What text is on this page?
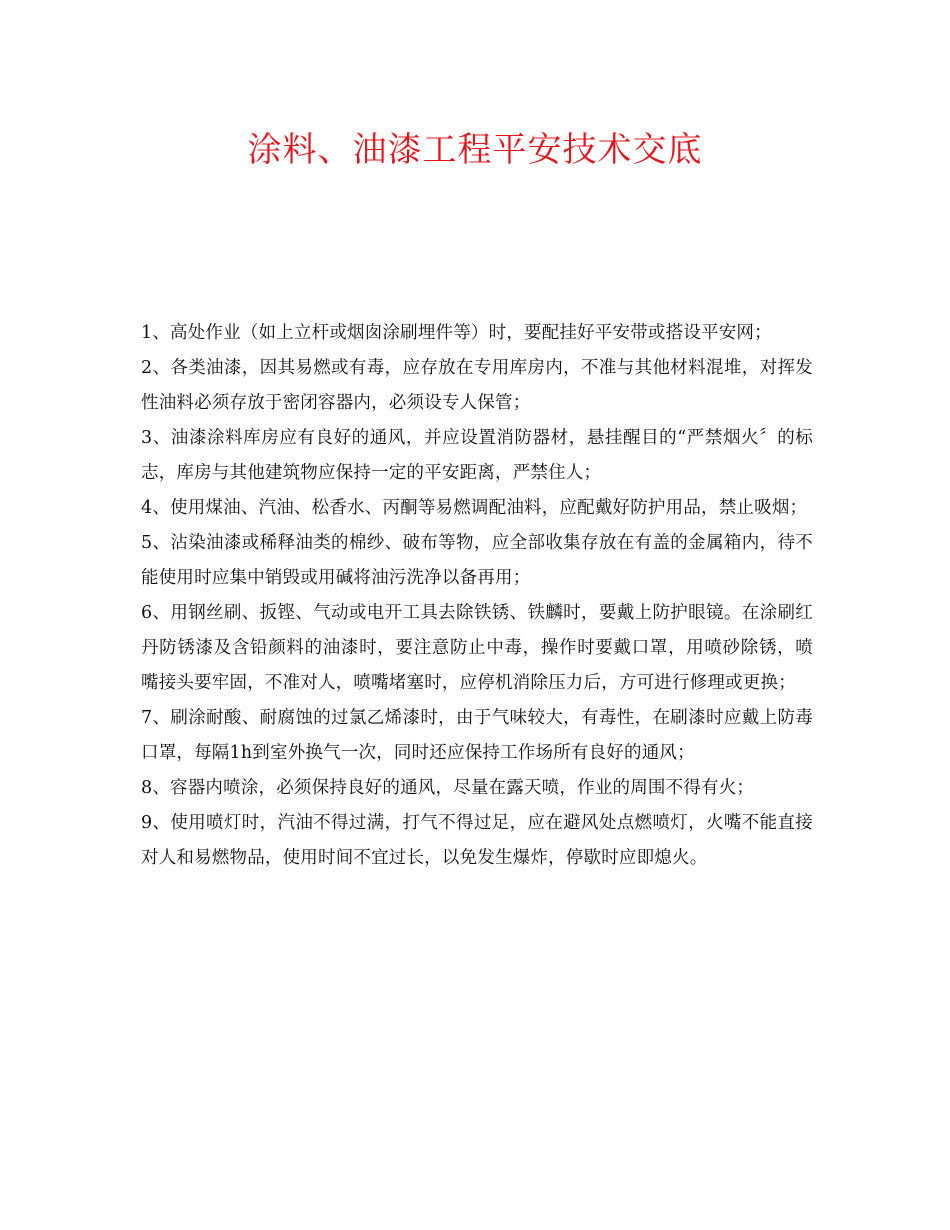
涂料、油漆工程平安技术交底

1、高处作业（如上立杆或烟囱涂刷埋件等）时，要配挂好平安带或搭设平安网；

2、各类油漆，因其易燃或有毒，应存放在专用库房内，不准与其他材料混堆，对挥发性油料必须存放于密闭容器内，必须设专人保管；

3、油漆涂料库房应有良好的通风，并应设置消防器材，悬挂醒目的“严禁烟火〞的标志，库房与其他建筑物应保持一定的平安距离，严禁住人；

4、使用煤油、汽油、松香水、丙酮等易燃调配油料，应配戴好防护用品，禁止吸烟；

5、沾染油漆或稀释油类的棉纱、破布等物，应全部收集存放在有盖的金属箱内，待不能使用时应集中销毁或用碱将油污洗净以备再用；

6、用钢丝刷、扳铿、气动或电开工具去除铁锈、铁麟时，要戴上防护眼镜。在涂刷红丹防锈漆及含铅颜料的油漆时，要注意防止中毒，操作时要戴口罩，用喷砂除锈，喷嘴接头要牢固，不准对人，喷嘴堵塞时，应停机消除压力后，方可进行修理或更换；

7、刷涂耐酸、耐腐蚀的过氯乙烯漆时，由于气味较大，有毒性，在刷漆时应戴上防毒口罩，每隔1h到室外换气一次，同时还应保持工作场所有良好的通风；

8、容器内喷涂，必须保持良好的通风，尽量在露天喷，作业的周围不得有火；

9、使用喷灯时，汽油不得过满，打气不得过足，应在避风处点燃喷灯，火嘴不能直接对人和易燃物品，使用时间不宜过长，以免发生爆炸，停歇时应即熄火。
